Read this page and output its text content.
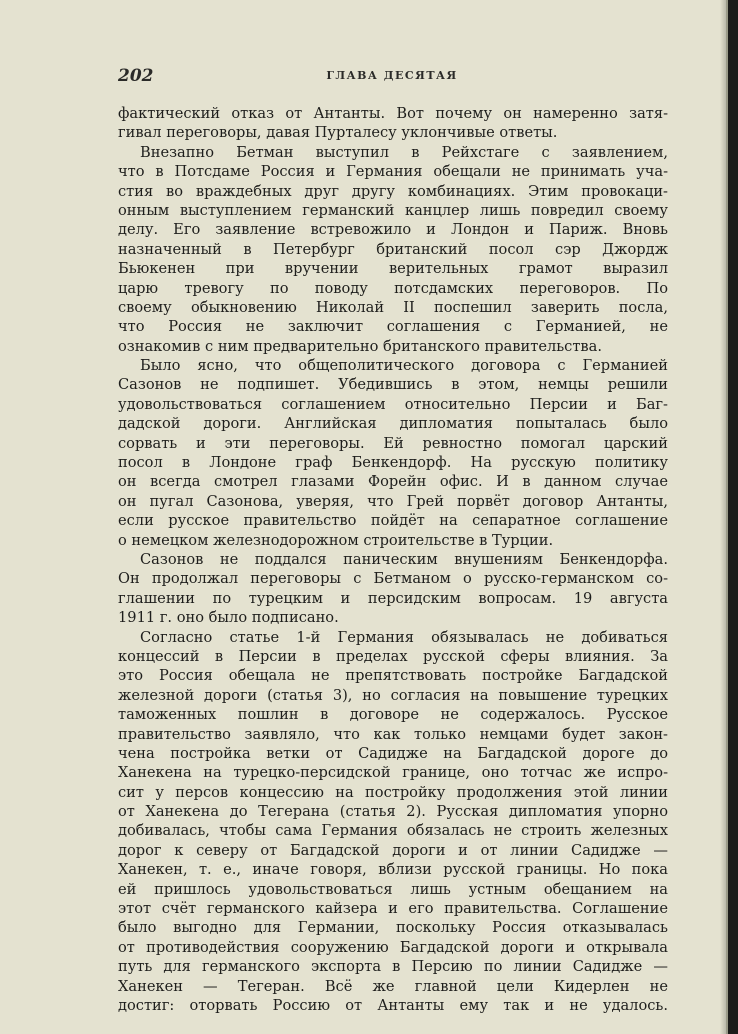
202	ГЛАВА ДЕСЯТАЯ
фактический отказ от Антанты. Вот почему он намеренно затя-
гивал переговоры, давая Пурталесу уклончивые ответы.
Внезапно Бетман выступил в Рейхстаге с заявлением,
что в Потсдаме Россия и Германия обещали не принимать уча-
стия во враждебных друг другу комбинациях. Этим провокаци-
онным выступлением германский канцлер лишь повредил своему
делу. Его заявление встревожило и Лондон и Париж. Вновь
назначенный в Петербург британский посол сэр Джордж
Бьюкенен при вручении верительных грамот выразил
царю тревогу по поводу потсдамских переговоров. По
своему обыкновению Николай II поспешил заверить посла,
что Россия не заключит соглашения с Германией, не
ознакомив с ним предварительно британского правительства.
Было ясно, что общеполитического договора с Германией
Сазонов не подпишет. Убедившись в этом, немцы решили
удовольствоваться соглашением относительно Персии и Баг-
дадской дороги. Английская дипломатия попыталась было
сорвать и эти переговоры. Ей ревностно помогал царский
посол в Лондоне граф Бенкендорф. На русскую политику
он всегда смотрел глазами Форейн офис. И в данном случае
он пугал Сазонова, уверяя, что Грей порвёт договор Антанты,
если русское правительство пойдёт на сепаратное соглашение
о немецком железнодорожном строительстве в Турции.
Сазонов не поддался паническим внушениям Бенкендорфа.
Он продолжал переговоры с Бетманом о русско-германском со-
глашении по турецким и персидским вопросам. 19 августа
1911 г. оно было подписано.
Согласно статье 1-й Германия обязывалась не добиваться
концессий в Персии в пределах русской сферы влияния. За
это Россия обещала не препятствовать постройке Багдадской
железной дороги (статья 3), но согласия на повышение турецких
таможенных пошлин в договоре не содержалось. Русское
правительство заявляло, что как только немцами будет закон-
чена постройка ветки от Садидже на Багдадской дороге до
Ханекена на турецко-персидской границе, оно тотчас же испро-
сит у персов концессию на постройку продолжения этой линии
от Ханекена до Тегерана (статья 2). Русская дипломатия упорно
добивалась, чтобы сама Германия обязалась не строить железных
дорог к северу от Багдадской дороги и от линии Садидже —
Ханекен, т. е., иначе говоря, вблизи русской границы. Но пока
ей пришлось удовольствоваться лишь устным обещанием на
этот счёт германского кайзера и его правительства. Соглашение
было выгодно для Германии, поскольку Россия отказывалась
от противодействия сооружению Багдадской дороги и открывала
путь для германского экспорта в Персию по линии Садидже —
Ханекен — Тегеран. Всё же главной цели Кидерлен не
достиг: оторвать Россию от Антанты ему так и не удалось.
